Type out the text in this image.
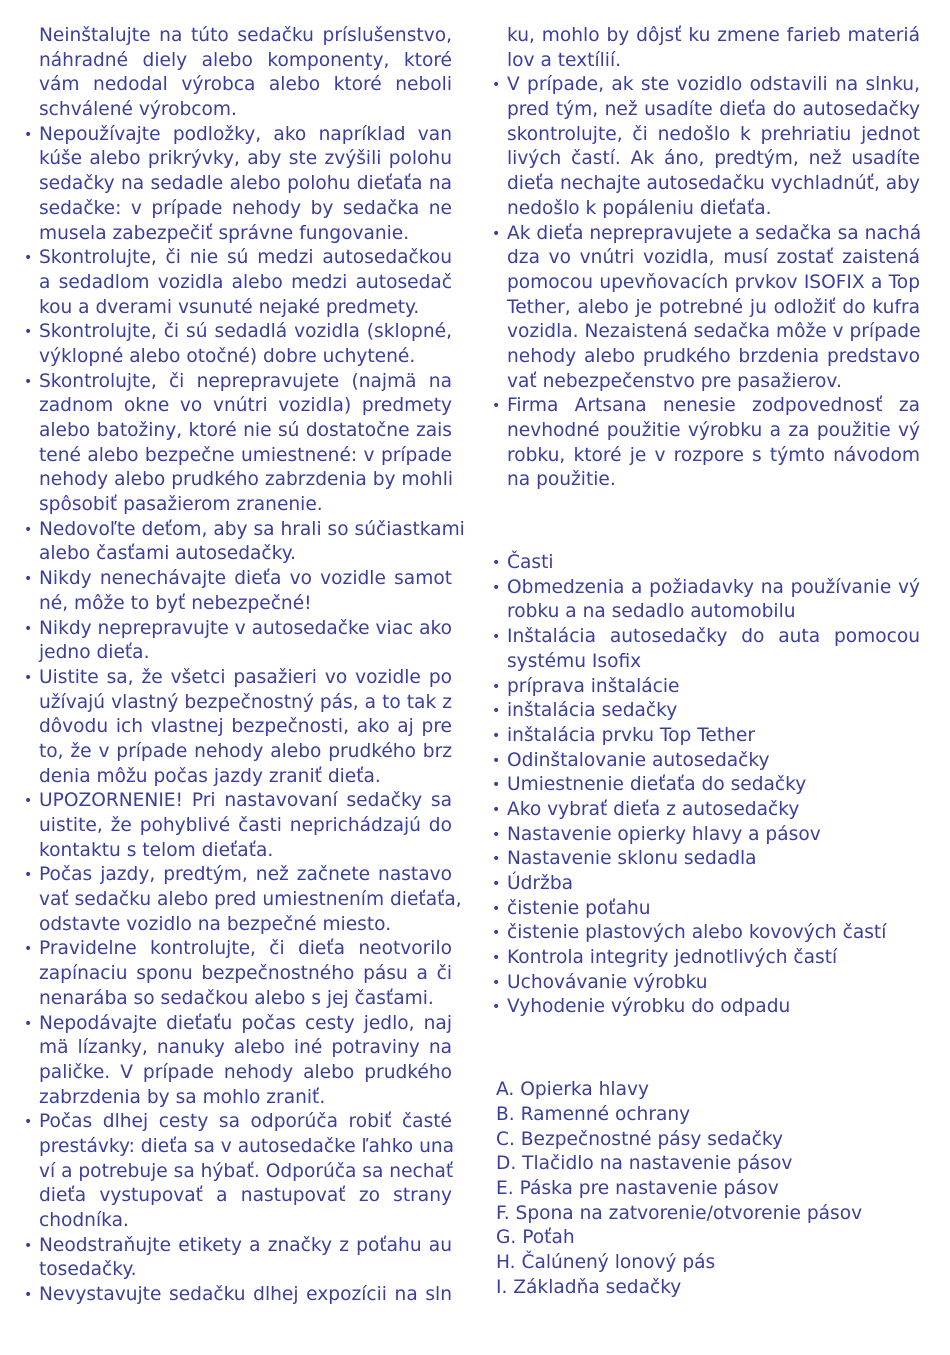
Neinštalujte na túto sedačku príslušenstvo,

náhradné diely alebo komponenty, ktoré

vám nedodal výrobca alebo ktoré neboli

schválené výrobcom.

• Nepoužívajte podložky, ako napríklad van

kúše alebo prikrývky, aby ste zvýšili polohu

sedačky na sedadle alebo polohu dieťaťa na

sedačke: v prípade nehody by sedačka ne

musela zabezpečiť správne fungovanie.

• Skontrolujte, či nie sú medzi autosedačkou

a sedadlom vozidla alebo medzi autosedač

kou a dverami vsunuté nejaké predmety.

• Skontrolujte, či sú sedadlá vozidla (sklopné,

výklopné alebo otočné) dobre uchytené.

• Skontrolujte, či neprepravujete (najmä na

zadnom okne vo vnútri vozidla) predmety

alebo batožiny, ktoré nie sú dostatočne zais

tené alebo bezpečne umiestnené: v prípade

nehody alebo prudkého zabrzdenia by mohli

spôsobiť pasažierom zranenie.

• Nedovoľte deťom, aby sa hrali so súčiastkami

alebo časťami autosedačky.

• Nikdy nenechávajte dieťa vo vozidle samot

né, môže to byť nebezpečné!

• Nikdy neprepravujte v autosedačke viac ako

jedno dieťa.

• Uistite sa, že všetci pasažieri vo vozidle po

užívajú vlastný bezpečnostný pás, a to tak z

dôvodu ich vlastnej bezpečnosti, ako aj pre

to, že v prípade nehody alebo prudkého brz

denia môžu počas jazdy zraniť dieťa.

• UPOZORNENIE! Pri nastavovaní sedačky sa

uistite, že pohyblivé časti neprichádzajú do

kontaktu s telom dieťaťa.

• Počas jazdy, predtým, než začnete nastavo

vať sedačku alebo pred umiestnením dieťaťa,

odstavte vozidlo na bezpečné miesto.

• Pravidelne kontrolujte, či dieťa neotvorilo

zapínaciu sponu bezpečnostného pásu a či

nenarába so sedačkou alebo s jej časťami.

• Nepodávajte dieťaťu počas cesty jedlo, naj

mä lízanky, nanuky alebo iné potraviny na

paličke. V prípade nehody alebo prudkého

zabrzdenia by sa mohlo zraniť.

• Počas dlhej cesty sa odporúča robiť časté

prestávky: dieťa sa v autosedačke ľahko una

ví a potrebuje sa hýbať. Odporúča sa nechať

dieťa vystupovať a nastupovať zo strany

chodníka.

• Neodstraňujte etikety a značky z poťahu au

tosedačky.

• Nevystavujte sedačku dlhej expozícii na sln

ku, mohlo by dôjsť ku zmene farieb materiá

lov a textílií.

• V prípade, ak ste vozidlo odstavili na slnku,

pred tým, než usadíte dieťa do autosedačky

skontrolujte, či nedošlo k prehriatiu jednot

livých častí. Ak áno, predtým, než usadíte

dieťa nechajte autosedačku vychladnúť, aby

nedošlo k popáleniu dieťaťa.

• Ak dieťa neprepravujete a sedačka sa nachá

dza vo vnútri vozidla, musí zostať zaistená

pomocou upevňovacích prvkov ISOFIX a Top

Tether, alebo je potrebné ju odložiť do kufra

vozidla. Nezaistená sedačka môže v prípade

nehody alebo prudkého brzdenia predstavo

vať nebezpečenstvo pre pasažierov.

• Firma Artsana nenesie zodpovednosť za

nevhodné použitie výrobku a za použitie vý

robku, ktoré je v rozpore s týmto návodom

na použitie.

• Časti

• Obmedzenia a požiadavky na používanie vý

robku a na sedadlo automobilu

• Inštalácia autosedačky do auta pomocou

systému Isofix

• príprava inštalácie

• inštalácia sedačky

• inštalácia prvku Top Tether

• Odinštalovanie autosedačky

• Umiestnenie dieťaťa do sedačky

• Ako vybrať dieťa z autosedačky

• Nastavenie opierky hlavy a pásov

• Nastavenie sklonu sedadla

• Údržba

• čistenie poťahu

• čistenie plastových alebo kovových častí

• Kontrola integrity jednotlivých častí

• Uchovávanie výrobku

• Vyhodenie výrobku do odpadu

A. Opierka hlavy

B. Ramenné ochrany

C. Bezpečnostné pásy sedačky

D. Tlačidlo na nastavenie pásov

E. Páska pre nastavenie pásov

F. Spona na zatvorenie/otvorenie pásov

G. Poťah

H. Čalúnený lonový pás

I. Základňa sedačky
